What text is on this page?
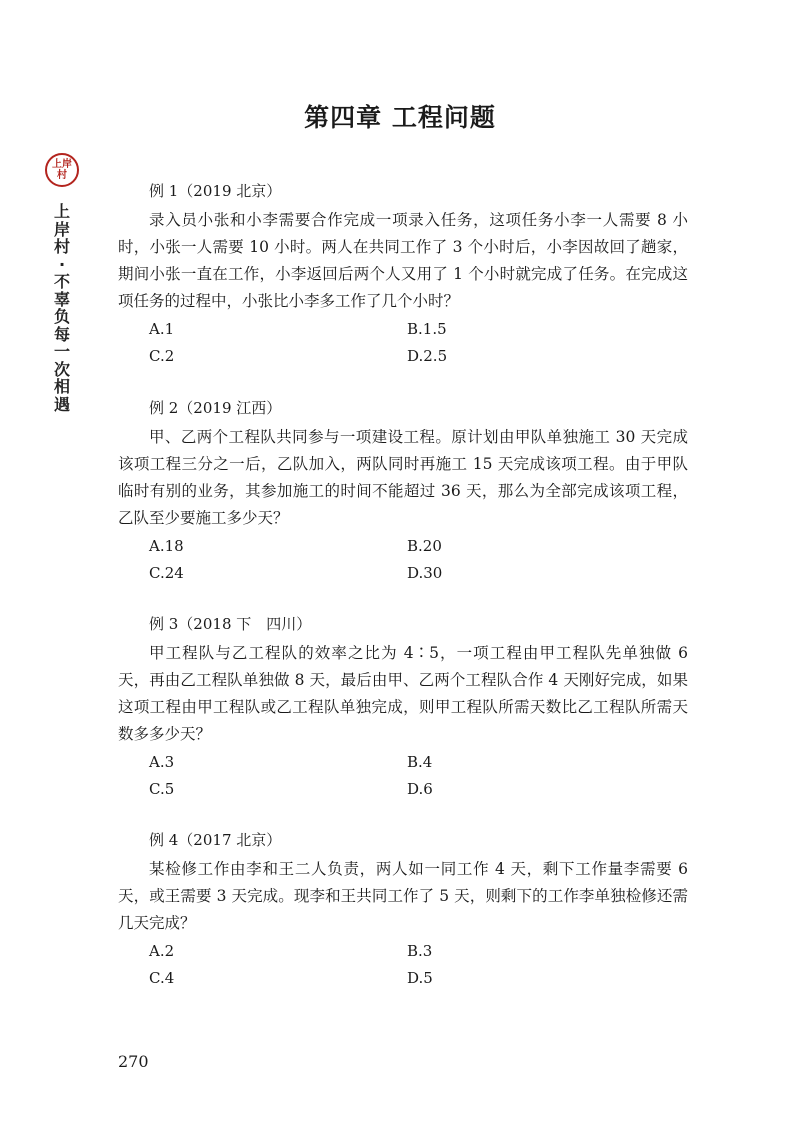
第四章 工程问题
上岸村
上岸村·不辜负每一次相遇
例 1（2019 北京）
录入员小张和小李需要合作完成一项录入任务，这项任务小李一人需要 8 小时，小张一人需要 10 小时。两人在共同工作了 3 个小时后，小李因故回了趟家，期间小张一直在工作，小李返回后两个人又用了 1 个小时就完成了任务。在完成这项任务的过程中，小张比小李多工作了几个小时？
A.1	B.1.5
C.2	D.2.5
例 2（2019 江西）
甲、乙两个工程队共同参与一项建设工程。原计划由甲队单独施工 30 天完成该项工程三分之一后，乙队加入，两队同时再施工 15 天完成该项工程。由于甲队临时有别的业务，其参加施工的时间不能超过 36 天，那么为全部完成该项工程，乙队至少要施工多少天？
A.18	B.20
C.24	D.30
例 3（2018 下　四川）
甲工程队与乙工程队的效率之比为 4∶5，一项工程由甲工程队先单独做 6 天，再由乙工程队单独做 8 天，最后由甲、乙两个工程队合作 4 天刚好完成，如果这项工程由甲工程队或乙工程队单独完成，则甲工程队所需天数比乙工程队所需天数多多少天？
A.3	B.4
C.5	D.6
例 4（2017 北京）
某检修工作由李和王二人负责，两人如一同工作 4 天，剩下工作量李需要 6 天，或王需要 3 天完成。现李和王共同工作了 5 天，则剩下的工作李单独检修还需几天完成？
A.2	B.3
C.4	D.5
270
